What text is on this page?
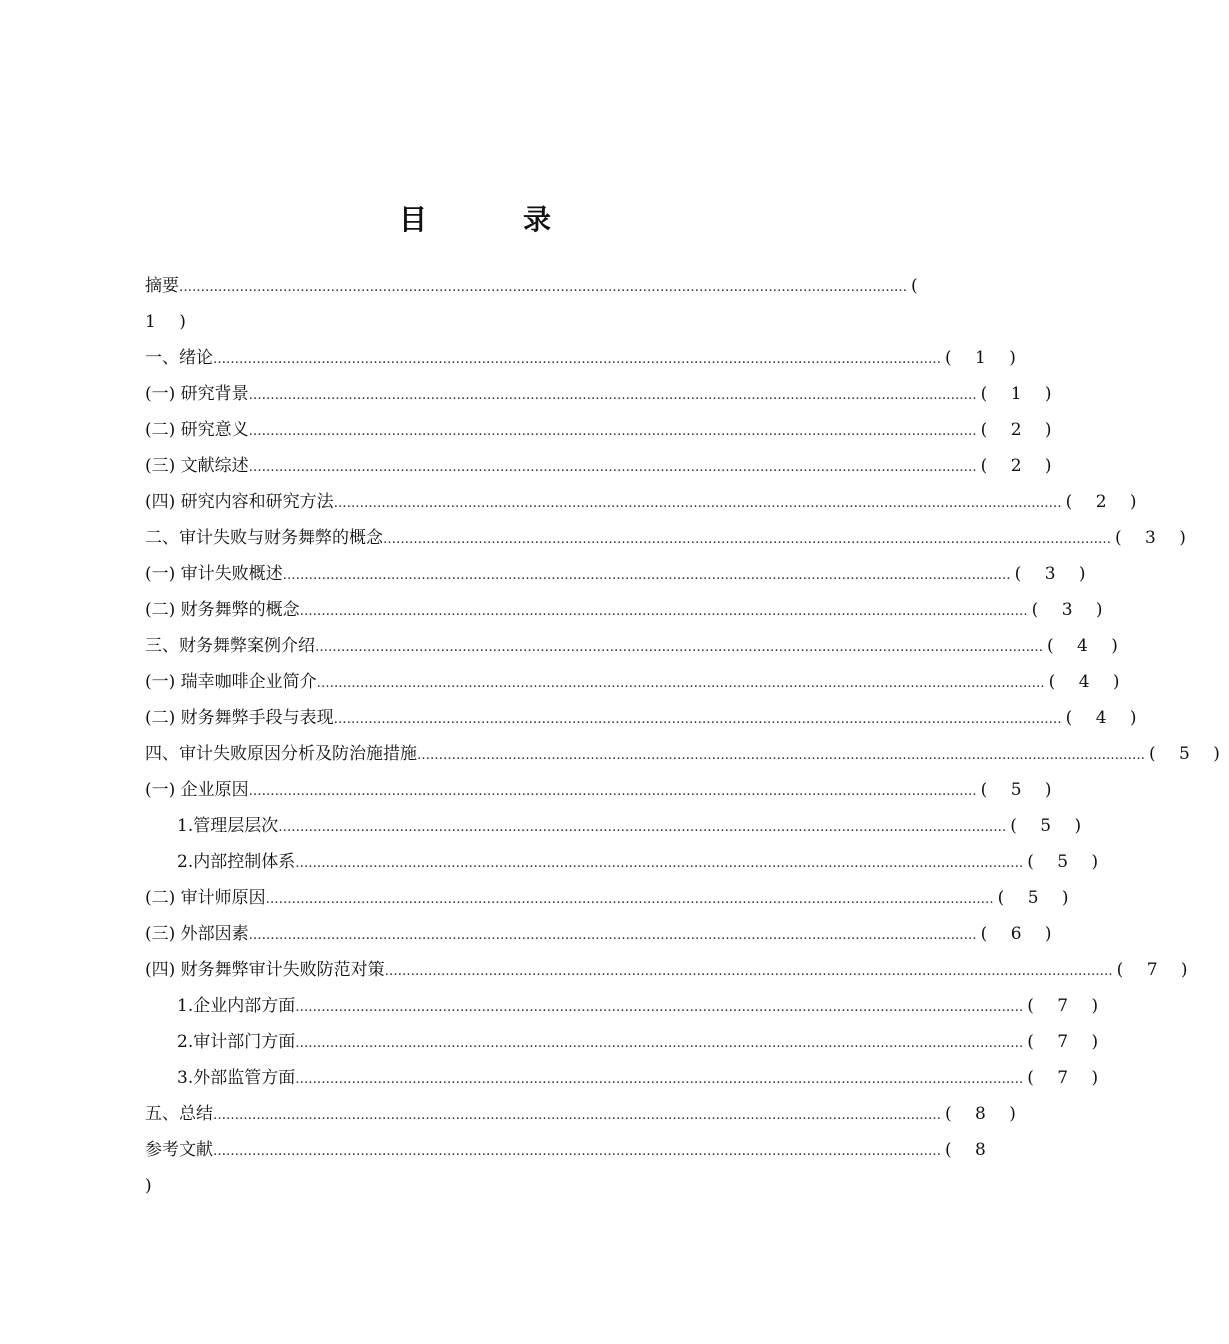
目　录
摘要 …………………………………………………………………………………………………………………………………………………… (
1 )
一、绪论 …………………………………………………………………………………………………………………………………………………… ( 1 )
(一) 研究背景 …………………………………………………………………………………………………………………………………………………… ( 1 )
(二) 研究意义 …………………………………………………………………………………………………………………………………………………… ( 2 )
(三) 文献综述 …………………………………………………………………………………………………………………………………………………… ( 2 )
(四) 研究内容和研究方法 …………………………………………………………………………………………………………………………………………………… ( 2 )
二、审计失败与财务舞弊的概念 …………………………………………………………………………………………………………………………………………………… ( 3 )
(一) 审计失败概述 …………………………………………………………………………………………………………………………………………………… ( 3 )
(二) 财务舞弊的概念 …………………………………………………………………………………………………………………………………………………… ( 3 )
三、财务舞弊案例介绍 …………………………………………………………………………………………………………………………………………………… ( 4 )
(一) 瑞幸咖啡企业简介 …………………………………………………………………………………………………………………………………………………… ( 4 )
(二) 财务舞弊手段与表现 …………………………………………………………………………………………………………………………………………………… ( 4 )
四、审计失败原因分析及防治施措施 …………………………………………………………………………………………………………………………………………………… ( 5 )
(一) 企业原因 …………………………………………………………………………………………………………………………………………………… ( 5 )
1.管理层层次 …………………………………………………………………………………………………………………………………………………… ( 5 )
2.内部控制体系 …………………………………………………………………………………………………………………………………………………… ( 5 )
(二) 审计师原因 …………………………………………………………………………………………………………………………………………………… ( 5 )
(三) 外部因素 …………………………………………………………………………………………………………………………………………………… ( 6 )
(四) 财务舞弊审计失败防范对策 …………………………………………………………………………………………………………………………………………………… ( 7 )
1.企业内部方面 …………………………………………………………………………………………………………………………………………………… ( 7 )
2.审计部门方面 …………………………………………………………………………………………………………………………………………………… ( 7 )
3.外部监管方面 …………………………………………………………………………………………………………………………………………………… ( 7 )
五、总结 …………………………………………………………………………………………………………………………………………………… ( 8 )
参考文献 …………………………………………………………………………………………………………………………………………………… ( 8
)
